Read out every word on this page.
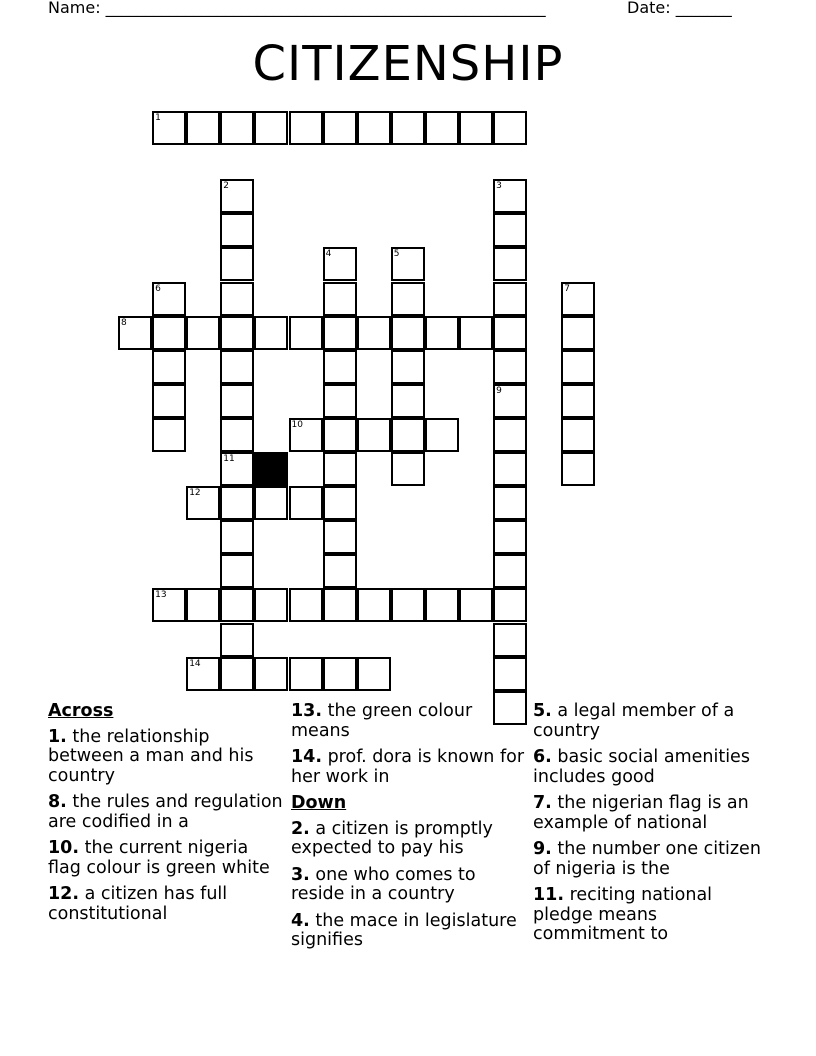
Name: _______________________________________________________	Date: _______
CITIZENSHIP
1
8
10
12
13
14
2
11
3
9
4	5
6	7
Across
1. the relationship between a man and his country
8. the rules and regulation are codified in a
10. the current nigeria flag colour is green white
12. a citizen has full constitutional
13. the green colour means
14. prof. dora is known for her work in
Down
2. a citizen is promptly expected to pay his
3. one who comes to reside in a country
4. the mace in legislature signifies
5. a legal member of a country
6. basic social amenities includes good
7. the nigerian flag is an example of national
9. the number one citizen of nigeria is the
11. reciting national pledge means commitment to
